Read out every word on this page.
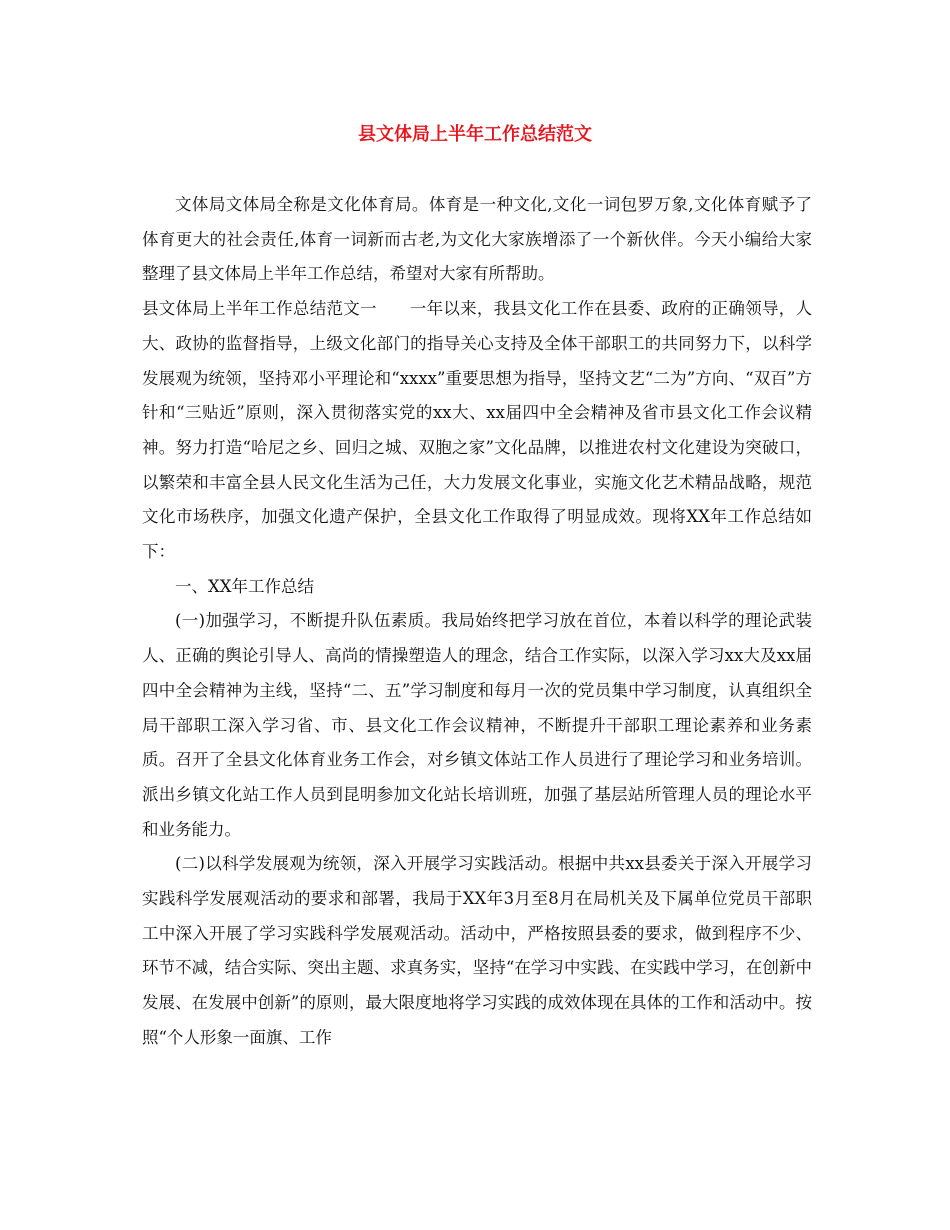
县文体局上半年工作总结范文

文体局文体局全称是文化体育局。体育是一种文化,文化一词包罗万象,文化体育赋予了体育更大的社会责任,体育一词新而古老,为文化大家族增添了一个新伙伴。今天小编给大家整理了县文体局上半年工作总结，希望对大家有所帮助。

县文体局上半年工作总结范文一 一年以来，我县文化工作在县委、政府的正确领导，人大、政协的监督指导，上级文化部门的指导关心支持及全体干部职工的共同努力下，以科学发展观为统领，坚持邓小平理论和“xxxx”重要思想为指导，坚持文艺“二为”方向、“双百”方针和“三贴近”原则，深入贯彻落实党的xx大、xx届四中全会精神及省市县文化工作会议精神。努力打造“哈尼之乡、回归之城、双胞之家”文化品牌，以推进农村文化建设为突破口，以繁荣和丰富全县人民文化生活为己任，大力发展文化事业，实施文化艺术精品战略，规范文化市场秩序，加强文化遗产保护，全县文化工作取得了明显成效。现将XX年工作总结如下：

一、XX年工作总结

(一)加强学习，不断提升队伍素质。我局始终把学习放在首位，本着以科学的理论武装人、正确的舆论引导人、高尚的情操塑造人的理念，结合工作实际，以深入学习xx大及xx届四中全会精神为主线，坚持“二、五”学习制度和每月一次的党员集中学习制度，认真组织全局干部职工深入学习省、市、县文化工作会议精神，不断提升干部职工理论素养和业务素质。召开了全县文化体育业务工作会，对乡镇文体站工作人员进行了理论学习和业务培训。派出乡镇文化站工作人员到昆明参加文化站长培训班，加强了基层站所管理人员的理论水平和业务能力。

(二)以科学发展观为统领，深入开展学习实践活动。根据中共xx县委关于深入开展学习实践科学发展观活动的要求和部署，我局于XX年3月至8月在局机关及下属单位党员干部职工中深入开展了学习实践科学发展观活动。活动中，严格按照县委的要求，做到程序不少、环节不减，结合实际、突出主题、求真务实，坚持“在学习中实践、在实践中学习，在创新中发展、在发展中创新”的原则，最大限度地将学习实践的成效体现在具体的工作和活动中。按照“个人形象一面旗、工作
